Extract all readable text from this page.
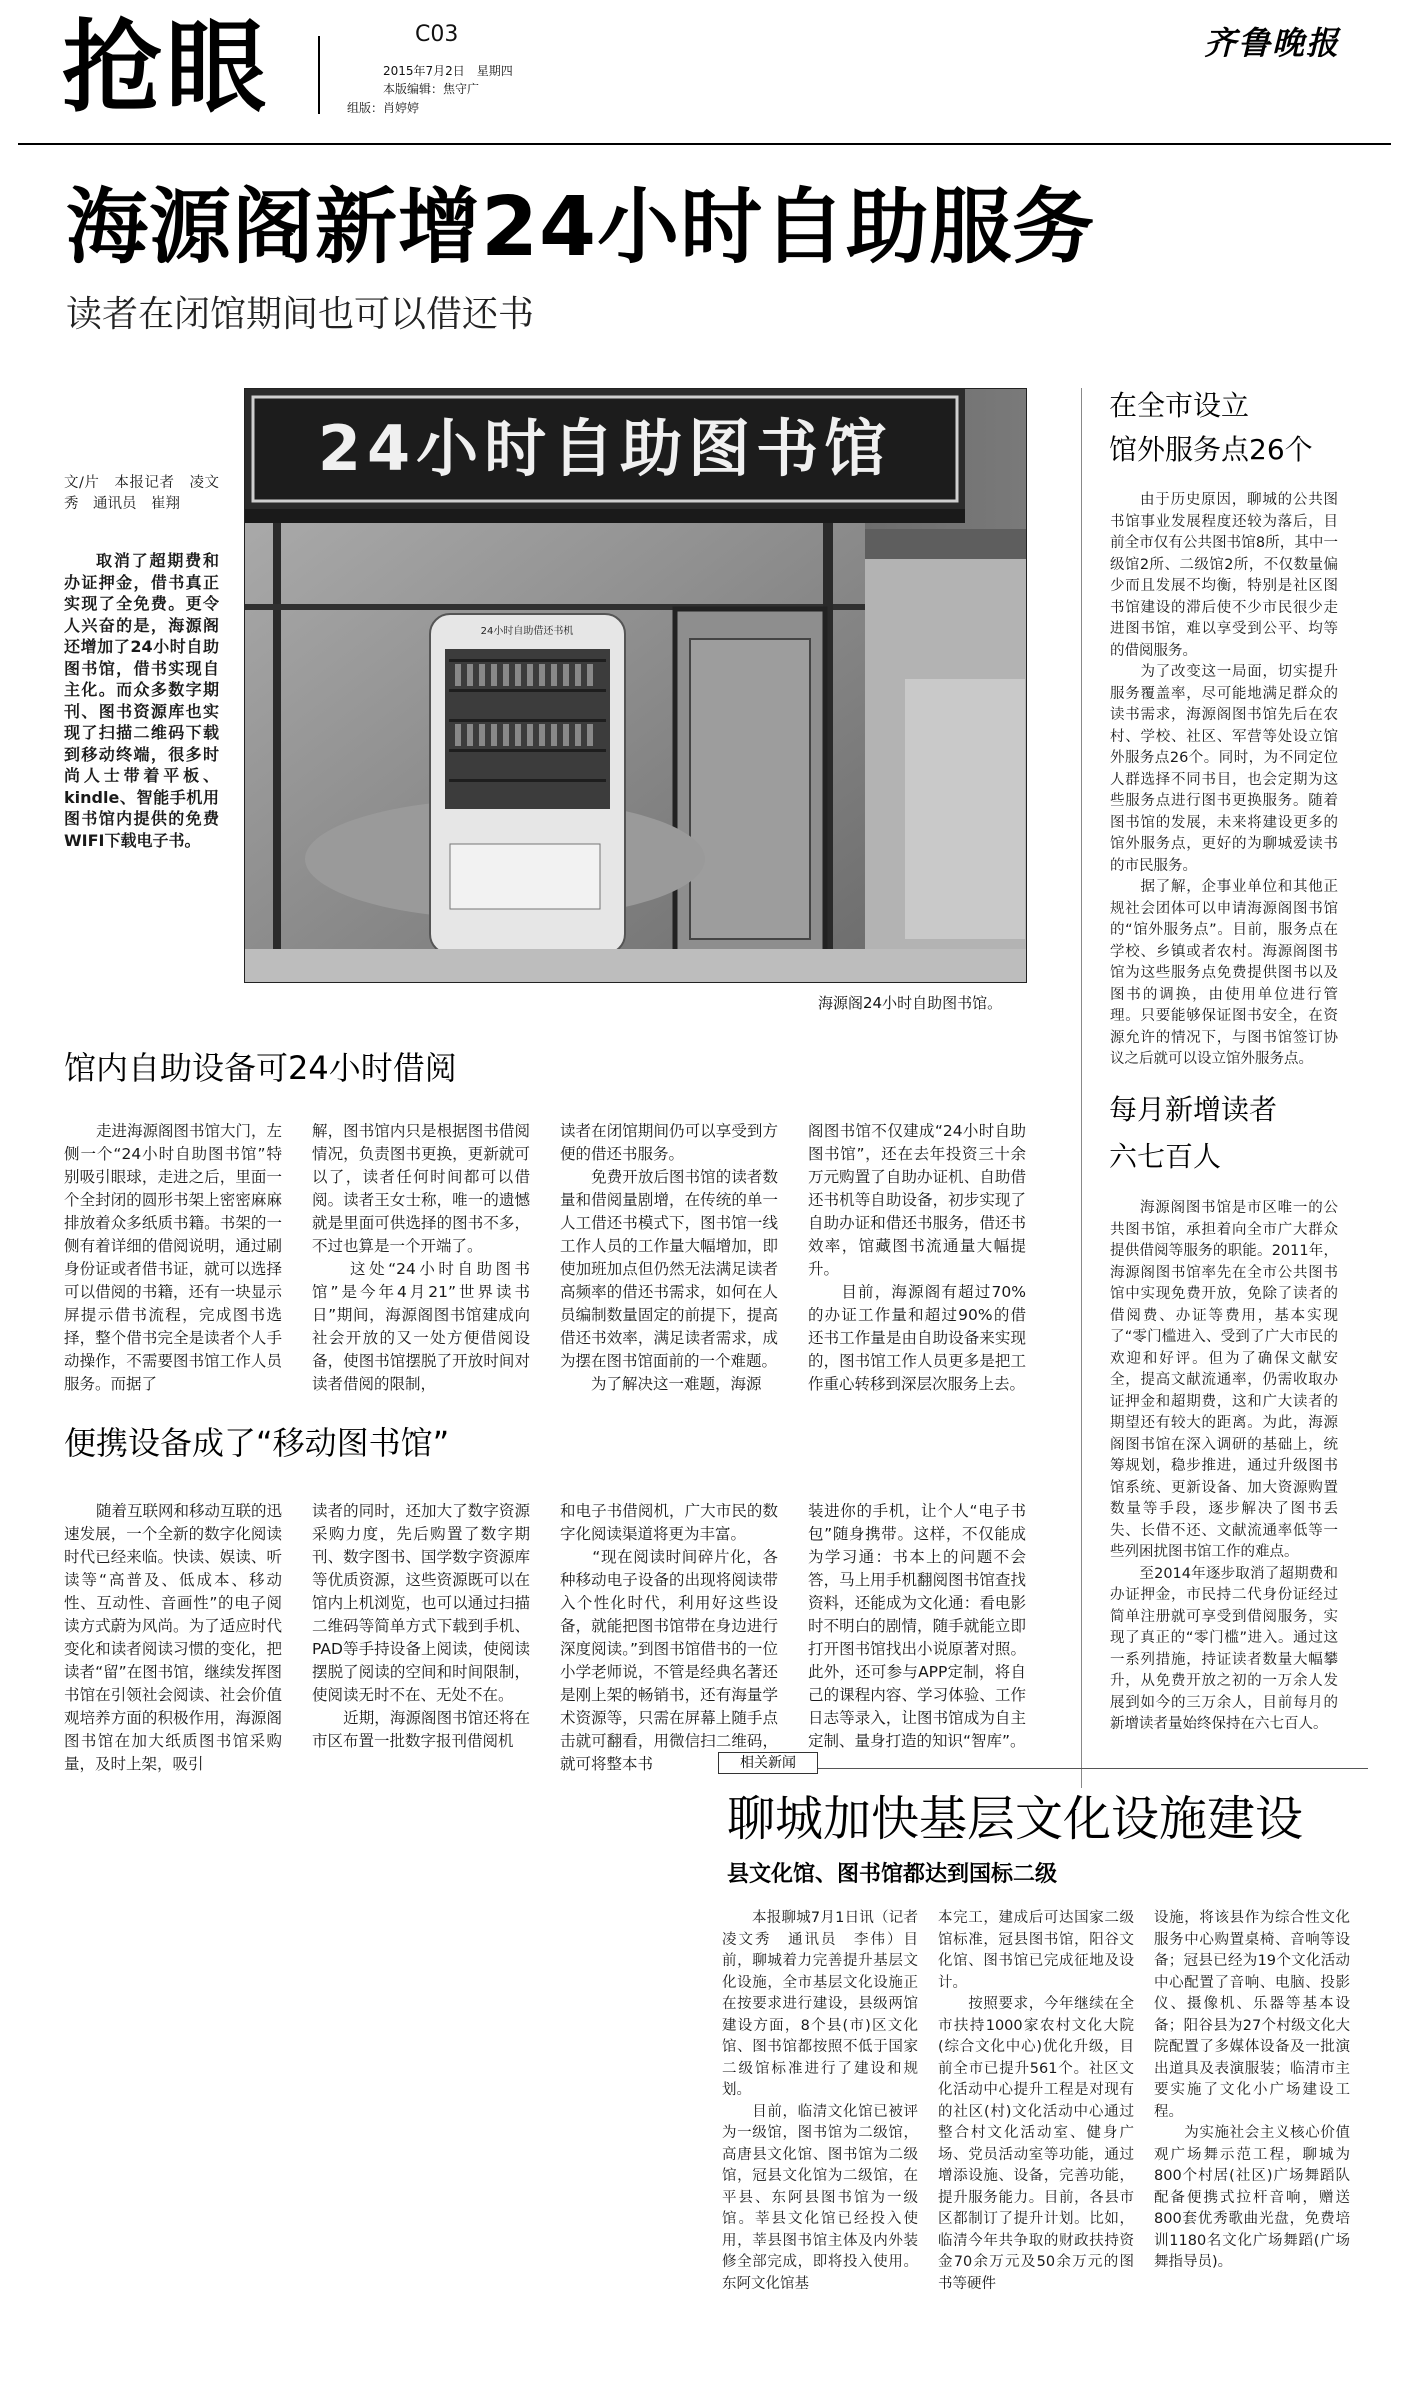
抢眼	C03
2015年7月2日　星期四
本版编辑：焦守广
组版：肖婷婷
齐鲁晚报
海源阁新增24小时自助服务
读者在闭馆期间也可以借还书
24小时自助图书馆
24小时自助借还书机
海源阁24小时自助图书馆。
文/片　本报记者　凌文秀　通讯员　崔翔
取消了超期费和办证押金，借书真正实现了全免费。更令人兴奋的是，海源阁还增加了24小时自助图书馆，借书实现自主化。而众多数字期刊、图书资源库也实现了扫描二维码下载到移动终端，很多时尚人士带着平板、kindle、智能手机用图书馆内提供的免费WIFI下载电子书。
馆内自助设备可24小时借阅
走进海源阁图书馆大门，左侧一个“24小时自助图书馆”特别吸引眼球，走进之后，里面一个全封闭的圆形书架上密密麻麻排放着众多纸质书籍。书架的一侧有着详细的借阅说明，通过刷身份证或者借书证，就可以选择可以借阅的书籍，还有一块显示屏提示借书流程，完成图书选择，整个借书完全是读者个人手动操作，不需要图书馆工作人员服务。而据了
解，图书馆内只是根据图书借阅情况，负责图书更换，更新就可以了，读者任何时间都可以借阅。读者王女士称，唯一的遗憾就是里面可供选择的图书不多，不过也算是一个开端了。
　　这处“24小时自助图书馆”是今年4月21”世界读书日”期间，海源阁图书馆建成向社会开放的又一处方便借阅设备，使图书馆摆脱了开放时间对读者借阅的限制，
读者在闭馆期间仍可以享受到方便的借还书服务。
　　免费开放后图书馆的读者数量和借阅量剧增，在传统的单一人工借还书模式下，图书馆一线工作人员的工作量大幅增加，即使加班加点但仍然无法满足读者高频率的借还书需求，如何在人员编制数量固定的前提下，提高借还书效率，满足读者需求，成为摆在图书馆面前的一个难题。
　　为了解决这一难题，海源
阁图书馆不仅建成“24小时自助图书馆”，还在去年投资三十余万元购置了自助办证机、自助借还书机等自助设备，初步实现了自助办证和借还书服务，借还书效率，馆藏图书流通量大幅提升。
　　目前，海源阁有超过70%的办证工作量和超过90%的借还书工作量是由自助设备来实现的，图书馆工作人员更多是把工作重心转移到深层次服务上去。
便携设备成了“移动图书馆”
随着互联网和移动互联的迅速发展，一个全新的数字化阅读时代已经来临。快读、娱读、听读等“高普及、低成本、移动性、互动性、音画性”的电子阅读方式蔚为风尚。为了适应时代变化和读者阅读习惯的变化，把读者“留”在图书馆，继续发挥图书馆在引领社会阅读、社会价值观培养方面的积极作用，海源阁图书馆在加大纸质图书馆采购量，及时上架，吸引
读者的同时，还加大了数字资源采购力度，先后购置了数字期刊、数字图书、国学数字资源库等优质资源，这些资源既可以在馆内上机浏览，也可以通过扫描二维码等简单方式下载到手机、PAD等手持设备上阅读，使阅读摆脱了阅读的空间和时间限制，使阅读无时不在、无处不在。
　　近期，海源阁图书馆还将在市区布置一批数字报刊借阅机
和电子书借阅机，广大市民的数字化阅读渠道将更为丰富。
　　“现在阅读时间碎片化，各种移动电子设备的出现将阅读带入个性化时代，利用好这些设备，就能把图书馆带在身边进行深度阅读。”到图书馆借书的一位小学老师说，不管是经典名著还是刚上架的畅销书，还有海量学术资源等，只需在屏幕上随手点击就可翻看，用微信扫二维码，就可将整本书
装进你的手机，让个人“电子书包”随身携带。这样，不仅能成为学习通：书本上的问题不会答，马上用手机翻阅图书馆查找资料，还能成为文化通：看电影时不明白的剧情，随手就能立即打开图书馆找出小说原著对照。此外，还可参与APP定制，将自己的课程内容、学习体验、工作日志等录入，让图书馆成为自主定制、量身打造的知识“智库”。
在全市设立
馆外服务点26个
由于历史原因，聊城的公共图书馆事业发展程度还较为落后，目前全市仅有公共图书馆8所，其中一级馆2所、二级馆2所，不仅数量偏少而且发展不均衡，特别是社区图书馆建设的滞后使不少市民很少走进图书馆，难以享受到公平、均等的借阅服务。
　　为了改变这一局面，切实提升服务覆盖率，尽可能地满足群众的读书需求，海源阁图书馆先后在农村、学校、社区、军营等处设立馆外服务点26个。同时，为不同定位人群选择不同书目，也会定期为这些服务点进行图书更换服务。随着图书馆的发展，未来将建设更多的馆外服务点，更好的为聊城爱读书的市民服务。
　　据了解，企事业单位和其他正规社会团体可以申请海源阁图书馆的“馆外服务点”。目前，服务点在学校、乡镇或者农村。海源阁图书馆为这些服务点免费提供图书以及图书的调换，由使用单位进行管理。只要能够保证图书安全，在资源允许的情况下，与图书馆签订协议之后就可以设立馆外服务点。
每月新增读者
六七百人
海源阁图书馆是市区唯一的公共图书馆，承担着向全市广大群众提供借阅等服务的职能。2011年，海源阁图书馆率先在全市公共图书馆中实现免费开放，免除了读者的借阅费、办证等费用，基本实现了“零门槛进入、受到了广大市民的欢迎和好评。但为了确保文献安全，提高文献流通率，仍需收取办证押金和超期费，这和广大读者的期望还有较大的距离。为此，海源阁图书馆在深入调研的基础上，统筹规划，稳步推进，通过升级图书馆系统、更新设备、加大资源购置数量等手段，逐步解决了图书丢失、长借不还、文献流通率低等一些列困扰图书馆工作的难点。
　　至2014年逐步取消了超期费和办证押金，市民持二代身份证经过简单注册就可享受到借阅服务，实现了真正的“零门槛”进入。通过这一系列措施，持证读者数量大幅攀升，从免费开放之初的一万余人发展到如今的三万余人，目前每月的新增读者量始终保持在六七百人。
相关新闻
聊城加快基层文化设施建设
县文化馆、图书馆都达到国标二级
本报聊城7月1日讯（记者　凌文秀　通讯员　李伟）目前，聊城着力完善提升基层文化设施，全市基层文化设施正在按要求进行建设，县级两馆建设方面，8个县(市)区文化馆、图书馆都按照不低于国家二级馆标准进行了建设和规划。
　　目前，临清文化馆已被评为一级馆，图书馆为二级馆，高唐县文化馆、图书馆为二级馆，冠县文化馆为二级馆，在平县、东阿县图书馆为一级馆。莘县文化馆已经投入使用，莘县图书馆主体及内外装修全部完成，即将投入使用。东阿文化馆基
本完工，建成后可达国家二级馆标准，冠县图书馆，阳谷文化馆、图书馆已完成征地及设计。
　　按照要求，今年继续在全市扶持1000家农村文化大院(综合文化中心)优化升级，目前全市已提升561个。社区文化活动中心提升工程是对现有的社区(村)文化活动中心通过整合村文化活动室、健身广场、党员活动室等功能，通过增添设施、设备，完善功能，提升服务能力。目前，各县市区都制订了提升计划。比如，临清今年共争取的财政扶持资金70余万元及50余万元的图书等硬件
设施，将该县作为综合性文化服务中心购置桌椅、音响等设备；冠县已经为19个文化活动中心配置了音响、电脑、投影仪、摄像机、乐器等基本设备；阳谷县为27个村级文化大院配置了多媒体设备及一批演出道具及表演服装；临清市主要实施了文化小广场建设工程。
　　为实施社会主义核心价值观广场舞示范工程，聊城为800个村居(社区)广场舞蹈队配备便携式拉杆音响，赠送800套优秀歌曲光盘，免费培训1180名文化广场舞蹈(广场舞指导员)。
